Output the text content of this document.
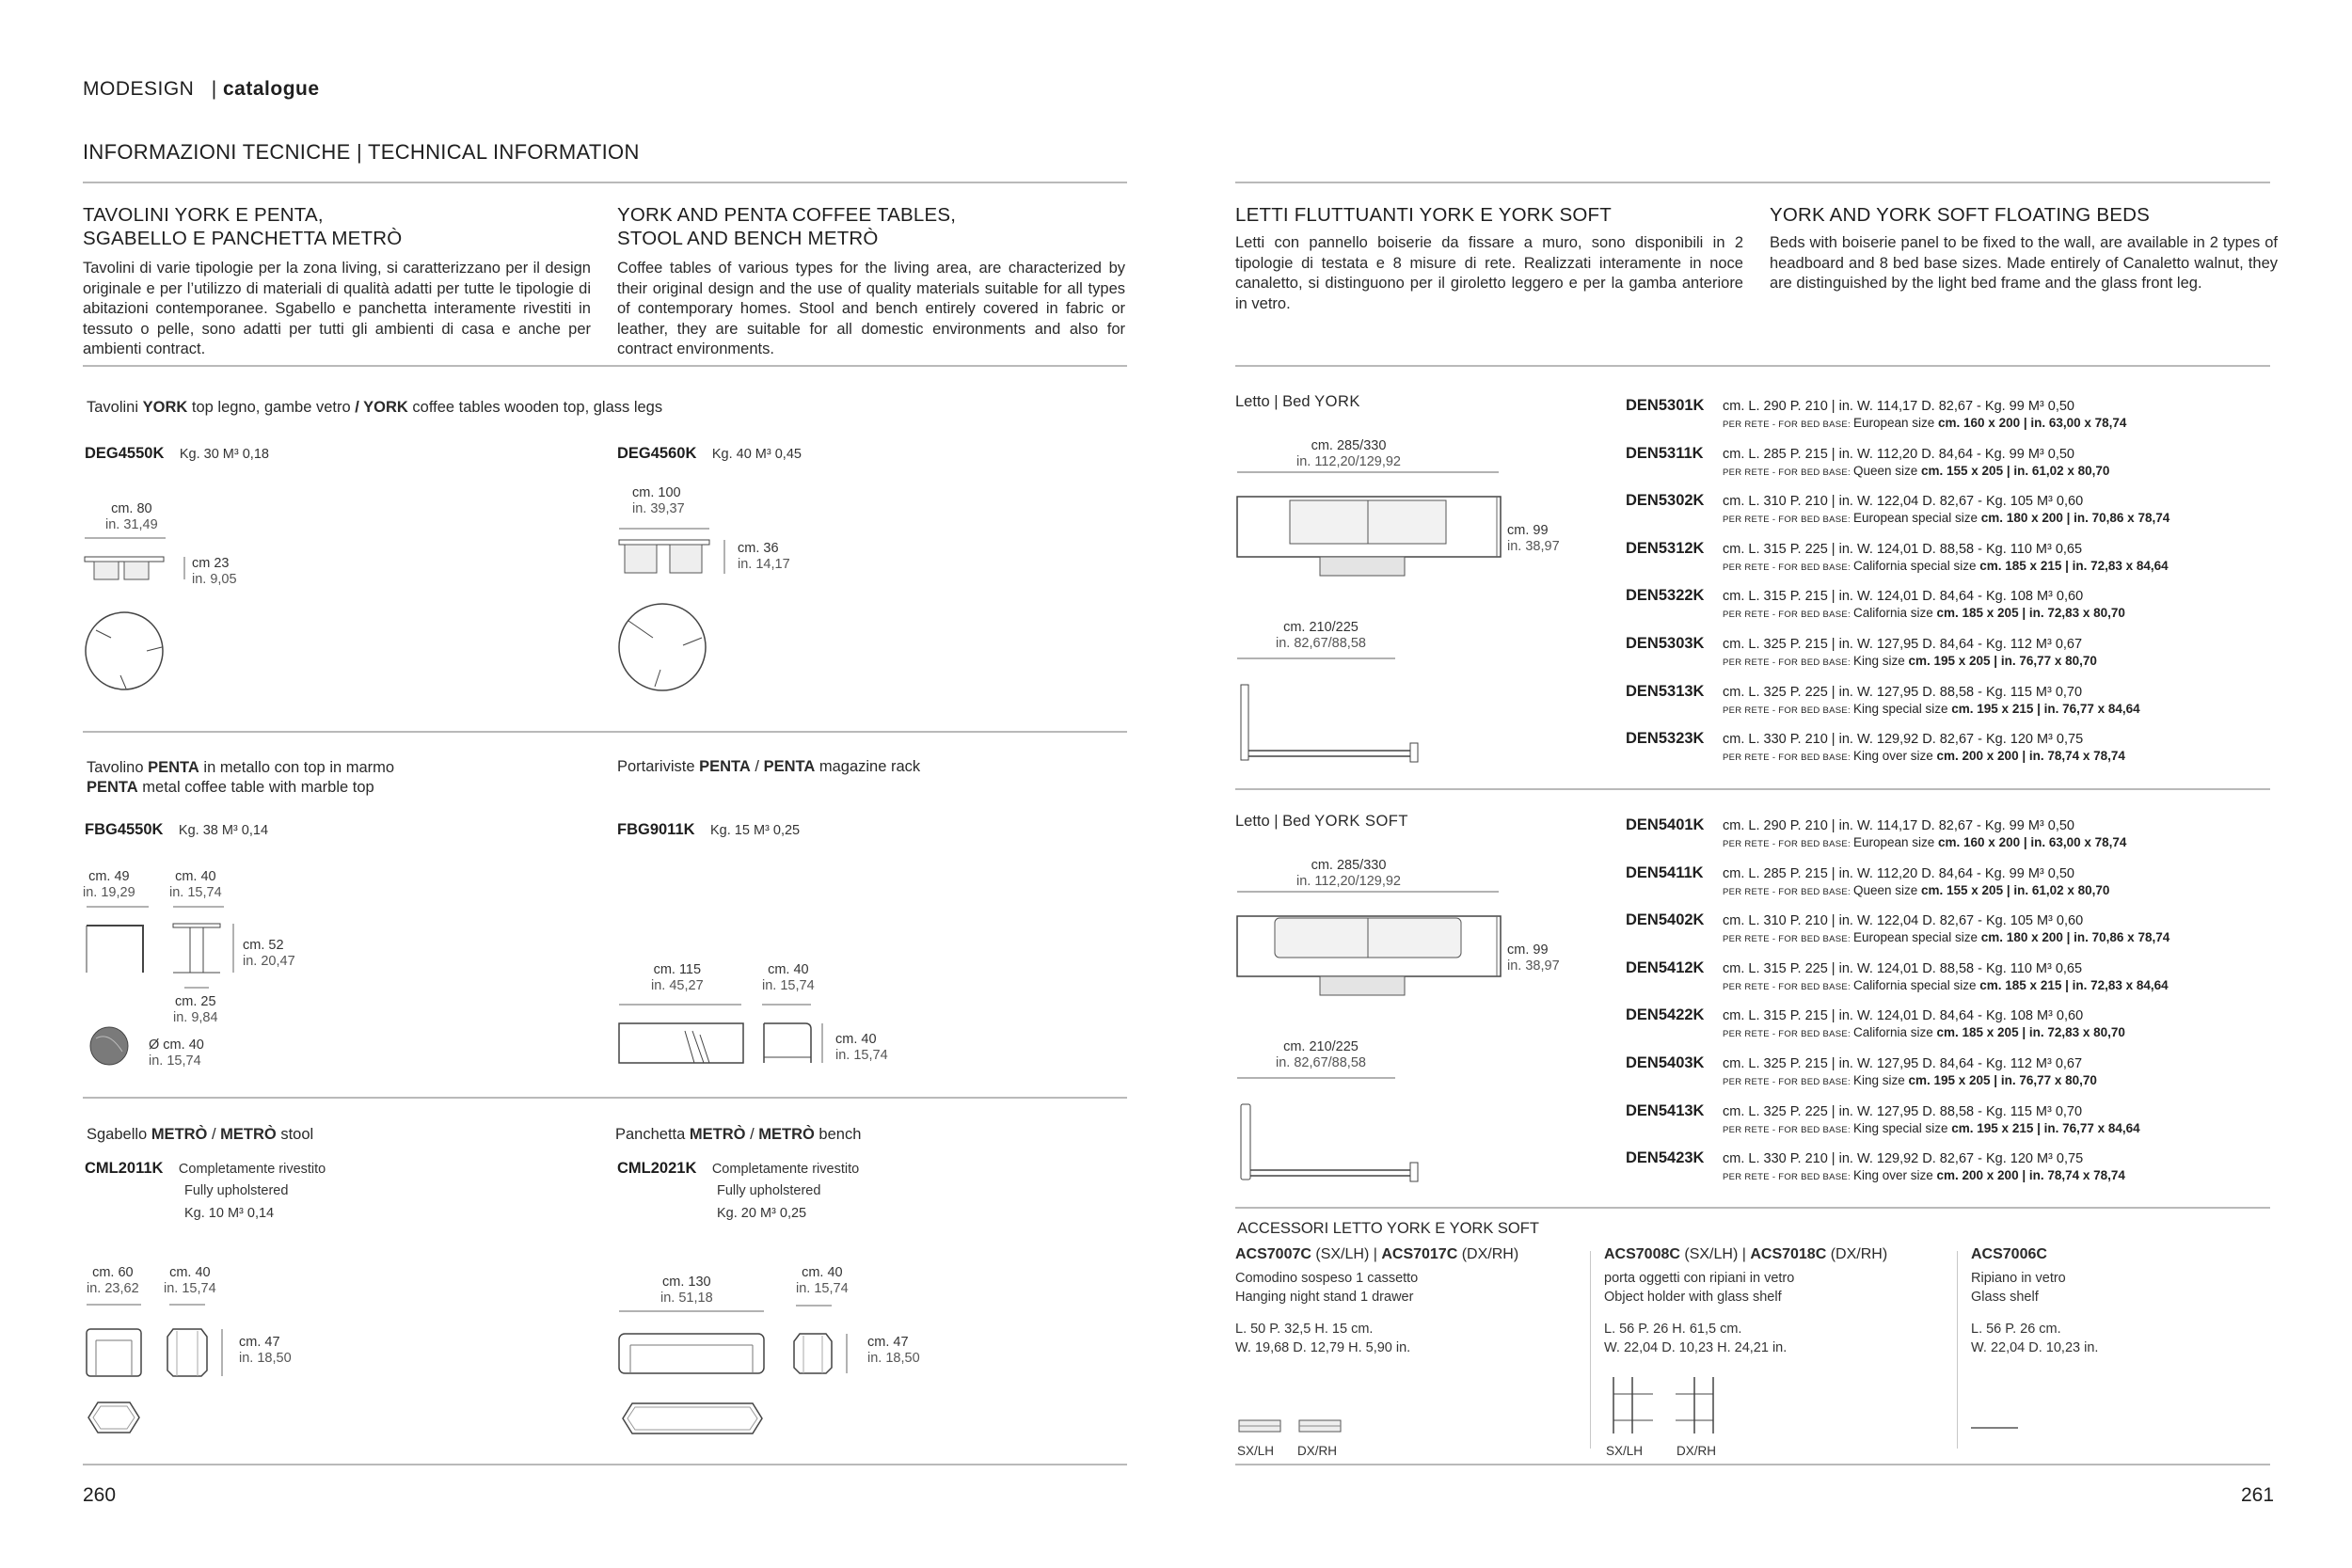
MODESIGN | catalogue
INFORMAZIONI TECNICHE | TECHNICAL INFORMATION
TAVOLINI YORK E PENTA,
SGABELLO E PANCHETTA METRÒ
Tavolini di varie tipologie per la zona living, si caratterizzano per il design originale e per l’utilizzo di materiali di qualità adatti per tutte le tipologie di abitazioni contemporanee. Sgabello e panchetta interamente rivestiti in tessuto o pelle, sono adatti per tutti gli ambienti di casa e anche per ambienti contract.
YORK AND PENTA COFFEE TABLES,
STOOL AND BENCH METRÒ
Coffee tables of various types for the living area, are characterized by their original design and the use of quality materials suitable for all types of contemporary homes. Stool and bench entirely covered in fabric or leather, they are suitable for all domestic environments and also for contract environments.
Tavolini YORK top legno, gambe vetro / YORK coffee tables wooden top, glass legs
DEG4550K Kg. 30 M³ 0,18
cm. 80
in. 31,49
cm 23
in. 9,05
DEG4560K Kg. 40 M³ 0,45
cm. 100
in. 39,37
cm. 36
in. 14,17
Tavolino PENTA in metallo con top in marmo
PENTA metal coffee table with marble top
FBG4550K Kg. 38 M³ 0,14
cm. 49
in. 19,29
cm. 40
in. 15,74
cm. 52
in. 20,47
cm. 25
in. 9,84
Ø cm. 40
in. 15,74
Portariviste PENTA / PENTA magazine rack
FBG9011K Kg. 15 M³ 0,25
cm. 115
in. 45,27
cm. 40
in. 15,74
cm. 40
in. 15,74
Sgabello METRÒ / METRÒ stool
CML2011K Completamente rivestito
Fully upholstered
Kg. 10 M³ 0,14
cm. 60
in. 23,62
cm. 40
in. 15,74
cm. 47
in. 18,50
Panchetta METRÒ / METRÒ bench
CML2021K Completamente rivestito
Fully upholstered
Kg. 20 M³ 0,25
cm. 130
in. 51,18
cm. 40
in. 15,74
cm. 47
in. 18,50
260
LETTI FLUTTUANTI YORK E YORK SOFT
Letti con pannello boiserie da fissare a muro, sono disponibili in 2 tipologie di testata e 8 misure di rete. Realizzati interamente in noce canaletto, si distinguono per il giroletto leggero e per la gamba anteriore in vetro.
YORK AND YORK SOFT FLOATING BEDS
Beds with boiserie panel to be fixed to the wall, are available in 2 types of headboard and 8 bed base sizes. Made entirely of Canaletto walnut, they are distinguished by the light bed frame and the glass front leg.
Letto | Bed YORK
cm. 285/330
in. 112,20/129,92
cm. 99
in. 38,97
cm. 210/225
in. 82,67/88,58
DEN5301K cm. L. 290 P. 210 | in. W. 114,17 D. 82,67 - Kg. 99 M³ 0,50
PER RETE - FOR BED BASE: European size cm. 160 x 200 | in. 63,00 x 78,74
DEN5311K cm. L. 285 P. 215 | in. W. 112,20 D. 84,64 - Kg. 99 M³ 0,50
PER RETE - FOR BED BASE: Queen size cm. 155 x 205 | in. 61,02 x 80,70
DEN5302K cm. L. 310 P. 210 | in. W. 122,04 D. 82,67 - Kg. 105 M³ 0,60
PER RETE - FOR BED BASE: European special size cm. 180 x 200 | in. 70,86 x 78,74
DEN5312K cm. L. 315 P. 225 | in. W. 124,01 D. 88,58 - Kg. 110 M³ 0,65
PER RETE - FOR BED BASE: California special size cm. 185 x 215 | in. 72,83 x 84,64
DEN5322K cm. L. 315 P. 215 | in. W. 124,01 D. 84,64 - Kg. 108 M³ 0,60
PER RETE - FOR BED BASE: California size cm. 185 x 205 | in. 72,83 x 80,70
DEN5303K cm. L. 325 P. 215 | in. W. 127,95 D. 84,64 - Kg. 112 M³ 0,67
PER RETE - FOR BED BASE: King size cm. 195 x 205 | in. 76,77 x 80,70
DEN5313K cm. L. 325 P. 225 | in. W. 127,95 D. 88,58 - Kg. 115 M³ 0,70
PER RETE - FOR BED BASE: King special size cm. 195 x 215 | in. 76,77 x 84,64
DEN5323K cm. L. 330 P. 210 | in. W. 129,92 D. 82,67 - Kg. 120 M³ 0,75
PER RETE - FOR BED BASE: King over size cm. 200 x 200 | in. 78,74 x 78,74
Letto | Bed YORK SOFT
cm. 285/330
in. 112,20/129,92
cm. 99
in. 38,97
cm. 210/225
in. 82,67/88,58
DEN5401K cm. L. 290 P. 210 | in. W. 114,17 D. 82,67 - Kg. 99 M³ 0,50
PER RETE - FOR BED BASE: European size cm. 160 x 200 | in. 63,00 x 78,74
DEN5411K cm. L. 285 P. 215 | in. W. 112,20 D. 84,64 - Kg. 99 M³ 0,50
PER RETE - FOR BED BASE: Queen size cm. 155 x 205 | in. 61,02 x 80,70
DEN5402K cm. L. 310 P. 210 | in. W. 122,04 D. 82,67 - Kg. 105 M³ 0,60
PER RETE - FOR BED BASE: European special size cm. 180 x 200 | in. 70,86 x 78,74
DEN5412K cm. L. 315 P. 225 | in. W. 124,01 D. 88,58 - Kg. 110 M³ 0,65
PER RETE - FOR BED BASE: California special size cm. 185 x 215 | in. 72,83 x 84,64
DEN5422K cm. L. 315 P. 215 | in. W. 124,01 D. 84,64 - Kg. 108 M³ 0,60
PER RETE - FOR BED BASE: California size cm. 185 x 205 | in. 72,83 x 80,70
DEN5403K cm. L. 325 P. 215 | in. W. 127,95 D. 84,64 - Kg. 112 M³ 0,67
PER RETE - FOR BED BASE: King size cm. 195 x 205 | in. 76,77 x 80,70
DEN5413K cm. L. 325 P. 225 | in. W. 127,95 D. 88,58 - Kg. 115 M³ 0,70
PER RETE - FOR BED BASE: King special size cm. 195 x 215 | in. 76,77 x 84,64
DEN5423K cm. L. 330 P. 210 | in. W. 129,92 D. 82,67 - Kg. 120 M³ 0,75
PER RETE - FOR BED BASE: King over size cm. 200 x 200 | in. 78,74 x 78,74
ACCESSORI LETTO YORK E YORK SOFT
ACS7007C (SX/LH) | ACS7017C (DX/RH)
Comodino sospeso 1 cassetto
Hanging night stand 1 drawer
L. 50 P. 32,5 H. 15 cm.
W. 19,68 D. 12,79 H. 5,90 in.
SX/LH DX/RH
ACS7008C (SX/LH) | ACS7018C (DX/RH)
porta oggetti con ripiani in vetro
Object holder with glass shelf
L. 56 P. 26 H. 61,5 cm.
W. 22,04 D. 10,23 H. 24,21 in.
SX/LH	DX/RH
ACS7006C
Ripiano in vetro
Glass shelf
L. 56 P. 26 cm.
W. 22,04 D. 10,23 in.
261
